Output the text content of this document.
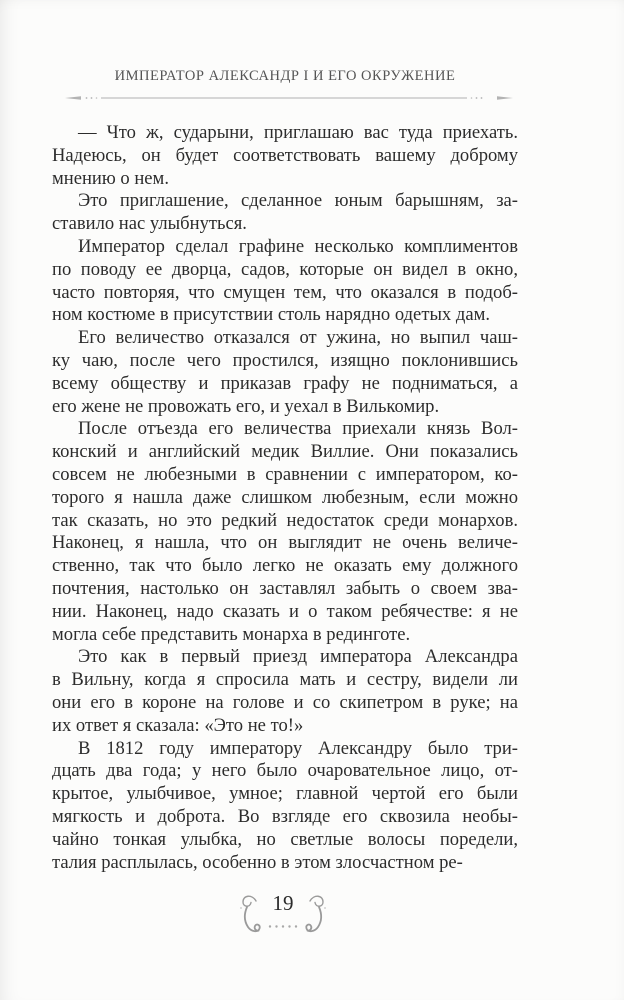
ИМПЕРАТОР АЛЕКСАНДР I И ЕГО ОКРУЖЕНИЕ
— Что ж, сударыни, приглашаю вас туда приехать.
Надеюсь, он будет соответствовать вашему доброму
мнению о нем.
Это приглашение, сделанное юным барышням, за-
ставило нас улыбнуться.
Император сделал графине несколько комплиментов
по поводу ее дворца, садов, которые он видел в окно,
часто повторяя, что смущен тем, что оказался в подоб-
ном костюме в присутствии столь нарядно одетых дам.
Его величество отказался от ужина, но выпил чаш-
ку чаю, после чего простился, изящно поклонившись
всему обществу и приказав графу не подниматься, а
его жене не провожать его, и уехал в Вилькомир.
После отъезда его величества приехали князь Вол-
конский и английский медик Виллие. Они показались
совсем не любезными в сравнении с императором, ко-
торого я нашла даже слишком любезным, если можно
так сказать, но это редкий недостаток среди монархов.
Наконец, я нашла, что он выглядит не очень величе-
ственно, так что было легко не оказать ему должного
почтения, настолько он заставлял забыть о своем зва-
нии. Наконец, надо сказать и о таком ребячестве: я не
могла себе представить монарха в рединготе.
Это как в первый приезд императора Александра
в Вильну, когда я спросила мать и сестру, видели ли
они его в короне на голове и со скипетром в руке; на
их ответ я сказала: «Это не то!»
В 1812 году императору Александру было три-
дцать два года; у него было очаровательное лицо, от-
крытое, улыбчивое, умное; главной чертой его были
мягкость и доброта. Во взгляде его сквозила необы-
чайно тонкая улыбка, но светлые волосы поредели,
талия расплылась, особенно в этом злосчастном ре-
19
